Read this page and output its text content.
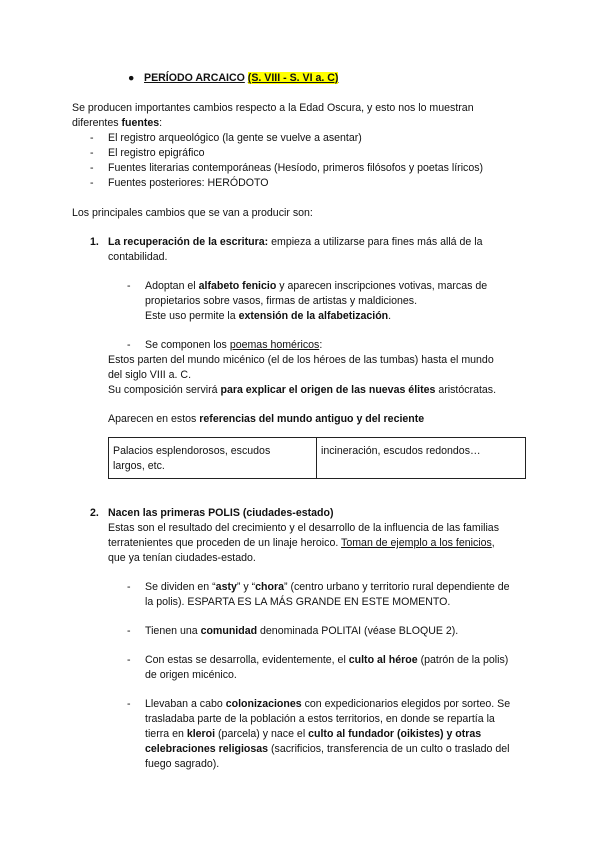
● PERÍODO ARCAICO (S. VIII - S. VI a. C)
Se producen importantes cambios respecto a la Edad Oscura, y esto nos lo muestran
diferentes fuentes:
- El registro arqueológico (la gente se vuelve a asentar)
- El registro epigráfico
- Fuentes literarias contemporáneas (Hesíodo, primeros filósofos y poetas líricos)
- Fuentes posteriores: HERÓDOTO
Los principales cambios que se van a producir son:
1. La recuperación de la escritura: empieza a utilizarse para fines más allá de la
contabilidad.
- Adoptan el alfabeto fenicio y aparecen inscripciones votivas, marcas de
propietarios sobre vasos, firmas de artistas y maldiciones.
Este uso permite la extensión de la alfabetización.
- Se componen los poemas homéricos:
Estos parten del mundo micénico (el de los héroes de las tumbas) hasta el mundo
del siglo VIII a. C.
Su composición servirá para explicar el origen de las nuevas élites aristócratas.
Aparecen en estos referencias del mundo antiguo y del reciente
Palacios esplendorosos, escudos
largos, etc.

incineración, escudos redondos…
2. Nacen las primeras POLIS (ciudades-estado)
Estas son el resultado del crecimiento y el desarrollo de la influencia de las familias
terratenientes que proceden de un linaje heroico. Toman de ejemplo a los fenicios,
que ya tenían ciudades-estado.
- Se dividen en “asty” y “chora” (centro urbano y territorio rural dependiente de
la polis). ESPARTA ES LA MÁS GRANDE EN ESTE MOMENTO.
- Tienen una comunidad denominada POLITAI (véase BLOQUE 2).
- Con estas se desarrolla, evidentemente, el culto al héroe (patrón de la polis)
de origen micénico.
- Llevaban a cabo colonizaciones con expedicionarios elegidos por sorteo. Se
trasladaba parte de la población a estos territorios, en donde se repartía la
tierra en kleroi (parcela) y nace el culto al fundador (oikistes) y otras
celebraciones religiosas (sacrificios, transferencia de un culto o traslado del
fuego sagrado).
